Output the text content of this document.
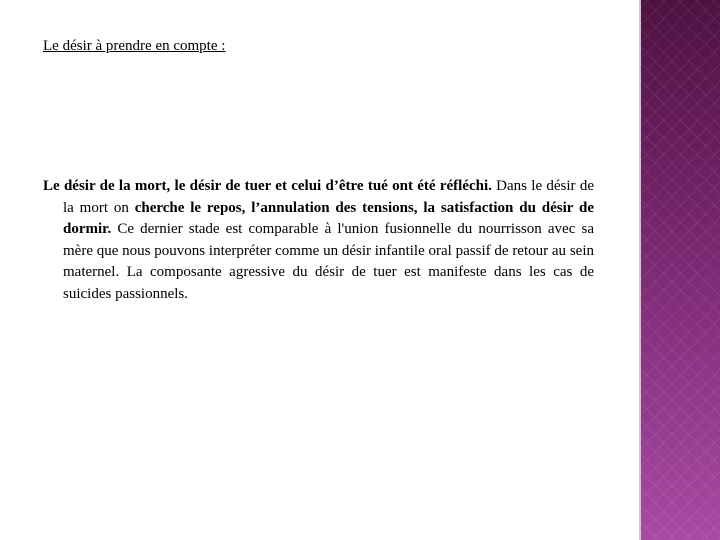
Le désir à prendre en compte :
Le désir de la mort, le désir de tuer et celui d’être tué ont été réfléchi. Dans le désir de la mort on cherche le repos, l’annulation des tensions, la satisfaction du désir de dormir. Ce dernier stade est comparable à l'union fusionnelle du nourrisson avec sa mère que nous pouvons interpréter comme un désir infantile oral passif de retour au sein maternel. La composante agressive du désir de tuer est manifeste dans les cas de suicides passionnels.
